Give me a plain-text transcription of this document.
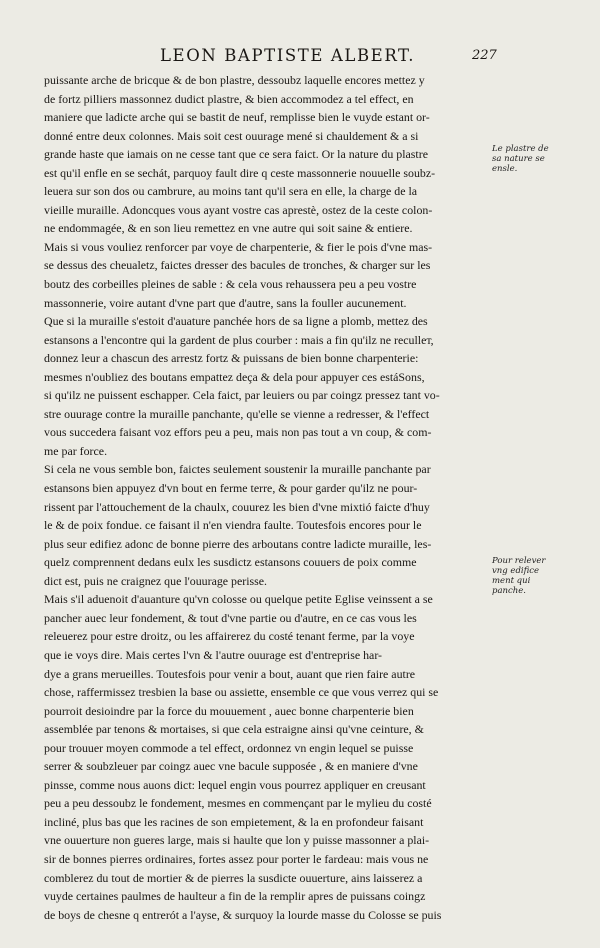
LEON BAPTISTE ALBERT.	227
puissante arche de bricque & de bon plastre, dessoubz laquelle encores mettez y
de fortz pilliers massonnez dudict plastre, & bien accommodez a tel effect, en
maniere que ladicte arche qui se bastit de neuf, remplisse bien le vuyde estant or-
donné entre deux colonnes. Mais soit cest ouurage mené si chauldement & a si
grande haste que iamais on ne cesse tant que ce sera faict. Or la nature du plastre
est qu'il enfle en se sechát, parquoy fault dire q ceste massonnerie nouuelle soubz-
leuera sur son dos ou cambrure, au moins tant qu'il sera en elle, la charge de la
vieille muraille. Adoncques vous ayant vostre cas aprestè, ostez de la ceste colon-
ne endommagée, & en son lieu remettez en vne autre qui soit saine & entiere.
Mais si vous vouliez renforcer par voye de charpenterie, & fier le pois d'vne mas-
se dessus des cheualetz, faictes dresser des bacules de tronches, & charger sur les
boutz des corbeilles pleines de sable : & cela vous rehaussera peu a peu vostre
massonnerie, voire autant d'vne part que d'autre, sans la fouller aucunement.
Que si la muraille s'estoit d'auature panchée hors de sa ligne a plomb, mettez des
estansons a l'encontre qui la gardent de plus courber : mais a fin qu'ilz ne reculleт,
donnez leur a chascun des arrestz fortz & puissans de bien bonne charpenterie:
mesmes n'oubliez des boutans empattez deça & dela pour appuyer ces estáSons,
si qu'ilz ne puissent eschapper. Cela faict, par leuiers ou par coingz pressez tant vo-
stre ouurage contre la muraille panchante, qu'elle se vienne a redresser, & l'effect
vous succedera faisant voz effors peu a peu, mais non pas tout a vn coup, & com-
me par force.
Si cela ne vous semble bon, faictes seulement soustenir la muraille panchante par
estansons bien appuyez d'vn bout en ferme terre, & pour garder qu'ilz ne pour-
rissent par l'attouchement de la chaulx, couurez les bien d'vne mixtió faicte d'huy
le & de poix fondue. ce faisant il n'en viendra faulte. Toutesfois encores pour le
plus seur edifiez adonc de bonne pierre des arboutans contre ladicte muraille, les-
quelz comprennent dedans eulx les susdictz estansons couuers de poix comme
dict est, puis ne craignez que l'ouurage perisse.
Mais s'il aduenoit d'auanture qu'vn colosse ou quelque petite Eglise veinssent a se
pancher auec leur fondement, & tout d'vne partie ou d'autre, en ce cas vous les
releuerez pour estre droitz, ou les affairerez du costé tenant ferme, par la voye
que ie voys dire. Mais certes l'vn & l'autre ouurage est d'entreprise har-
dye a grans merueilles. Toutesfois pour venir a bout, auant que rien faire autre
chose, raffermissez tresbien la base ou assiette, ensemble ce que vous verrez qui se
pourroit desioindre par la force du mouuement , auec bonne charpenterie bien
assemblée par tenons & mortaises, si que cela estraigne ainsi qu'vne ceinture, &
pour trouuer moyen commode a tel effect, ordonnez vn engin lequel se puisse
serrer & soubzleuer par coingz auec vne bacule supposée , & en maniere d'vne
pinsse, comme nous auons dict: lequel engin vous pourrez appliquer en creusant
peu a peu dessoubz le fondement, mesmes en commençant par le mylieu du costé
incliné, plus bas que les racines de son empietement, & la en profondeur faisant
vne ouuerture non gueres large, mais si haulte que lon y puisse massonner a plai-
sir de bonnes pierres ordinaires, fortes assez pour porter le fardeau: mais vous ne
comblerez du tout de mortier & de pierres la susdicte ouuerture, ains laisserez a
vuyde certaines paulmes de haulteur a fin de la remplir apres de puissans coingz
de boys de chesne q entrerót a l'ayse, & surquoy la lourde masse du Colosse se puis
Le plastre de sa nature se ensle.
Pour relever vng edifice ment qui panche.
